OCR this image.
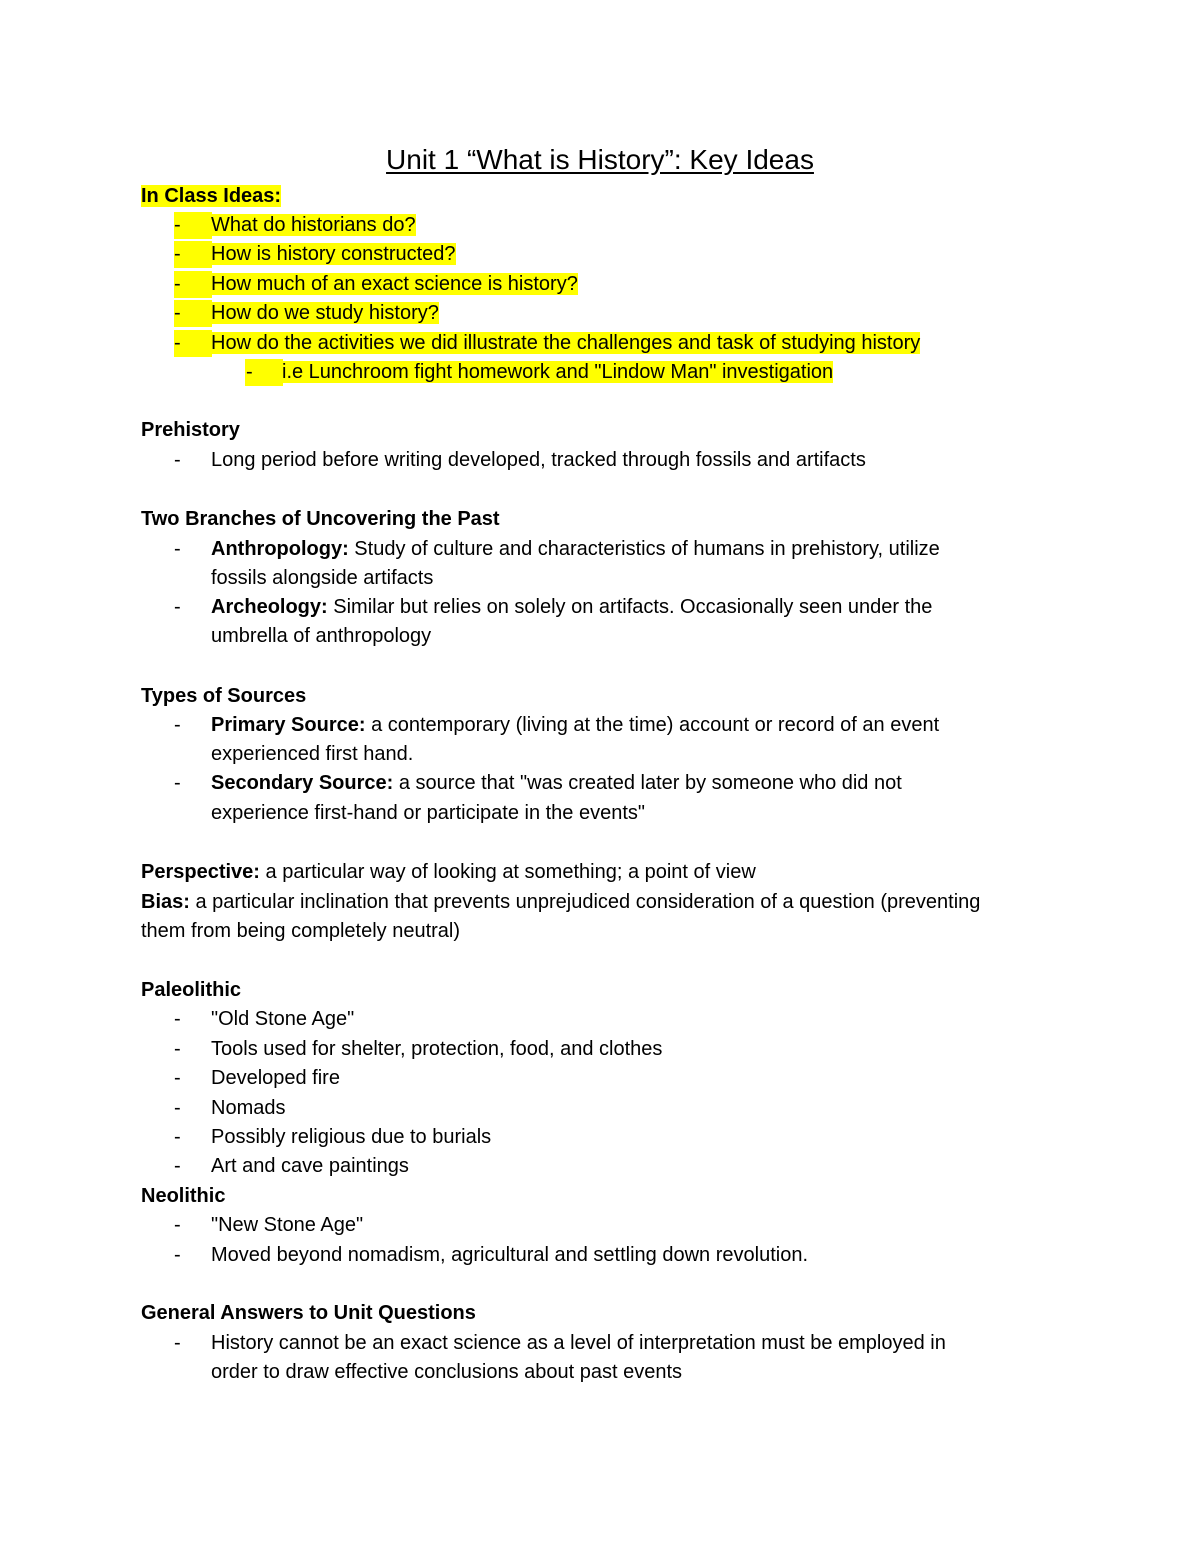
Unit 1 “What is History”: Key Ideas
In Class Ideas:
- What do historians do?
- How is history constructed?
- How much of an exact science is history?
- How do we study history?
- How do the activities we did illustrate the challenges and task of studying history
- i.e Lunchroom fight homework and "Lindow Man" investigation
Prehistory
- Long period before writing developed, tracked through fossils and artifacts
Two Branches of Uncovering the Past
- Anthropology: Study of culture and characteristics of humans in prehistory, utilize
fossils alongside artifacts
- Archeology: Similar but relies on solely on artifacts. Occasionally seen under the
umbrella of anthropology
Types of Sources
- Primary Source: a contemporary (living at the time) account or record of an event
experienced first hand.
- Secondary Source: a source that "was created later by someone who did not
experience first-hand or participate in the events"
Perspective: a particular way of looking at something; a point of view
Bias: a particular inclination that prevents unprejudiced consideration of a question (preventing
them from being completely neutral)
Paleolithic
- "Old Stone Age"
- Tools used for shelter, protection, food, and clothes
- Developed fire
- Nomads
- Possibly religious due to burials
- Art and cave paintings
Neolithic
- "New Stone Age"
- Moved beyond nomadism, agricultural and settling down revolution.
General Answers to Unit Questions
- History cannot be an exact science as a level of interpretation must be employed in
order to draw effective conclusions about past events
